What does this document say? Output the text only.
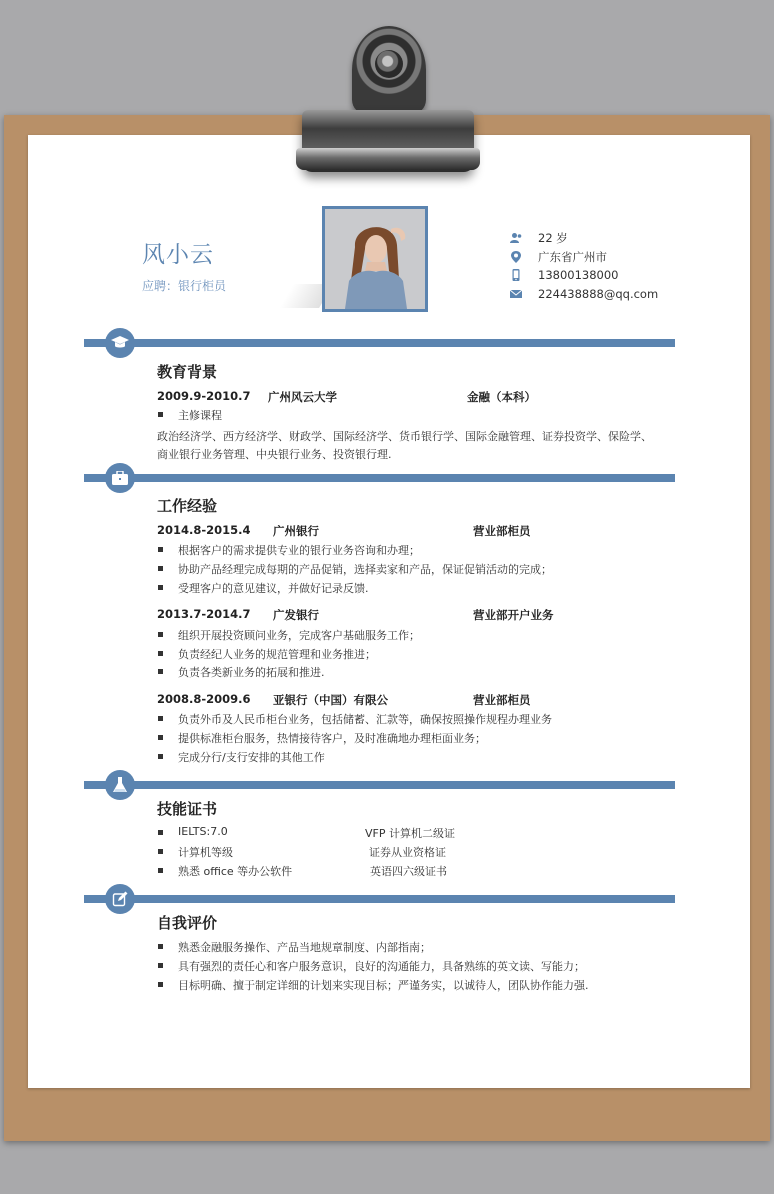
风小云
应聘：银行柜员
22 岁
广东省广州市
13800138000
224438888@qq.com
教育背景
2009.9-2010.7 广州风云大学	金融（本科）
主修课程
政治经济学、西方经济学、财政学、国际经济学、货币银行学、国际金融管理、证券投资学、保险学、
商业银行业务管理、中央银行业务、投资银行理.
工作经验
2014.8-2015.4 广州银行	营业部柜员
根据客户的需求提供专业的银行业务咨询和办理；
协助产品经理完成每期的产品促销，选择卖家和产品，保证促销活动的完成；
受理客户的意见建议，并做好记录反馈.
2013.7-2014.7 广发银行	营业部开户业务
组织开展投资顾问业务，完成客户基础服务工作；
负责经纪人业务的规范管理和业务推进；
负责各类新业务的拓展和推进.
2008.8-2009.6 亚银行（中国）有限公	营业部柜员
负责外币及人民币柜台业务，包括储蓄、汇款等，确保按照操作规程办理业务
提供标准柜台服务，热情接待客户，及时准确地办理柜面业务；
完成分行/支行安排的其他工作
技能证书
IELTS:7.0	VFP 计算机二级证
计算机等级	证券从业资格证
熟悉 office 等办公软件	英语四六级证书
自我评价
熟悉金融服务操作、产品当地规章制度、内部指南；
具有强烈的责任心和客户服务意识，良好的沟通能力，具备熟练的英文读、写能力；
目标明确、擅于制定详细的计划来实现目标；严谨务实，以诚待人，团队协作能力强.
